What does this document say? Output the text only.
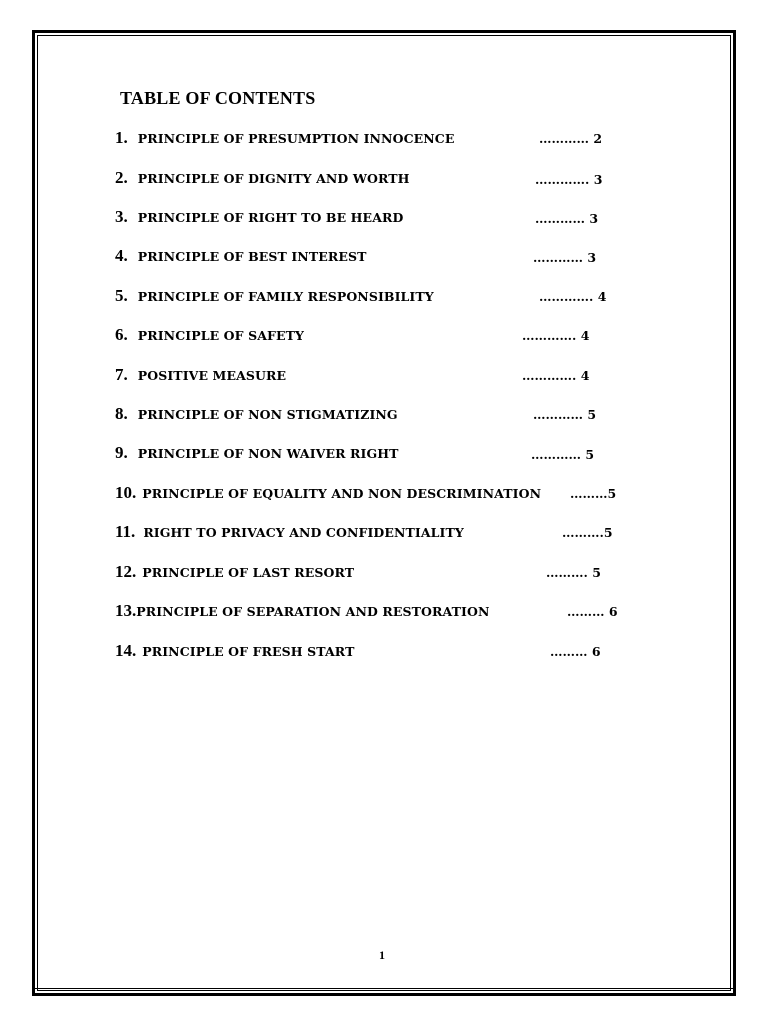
TABLE OF CONTENTS
1. PRINCIPLE OF PRESUMPTION INNOCENCE	………… 2
2. PRINCIPLE OF DIGNITY AND WORTH	…………. 3
3. PRINCIPLE OF RIGHT TO BE HEARD	………… 3
4. PRINCIPLE OF BEST INTEREST	………… 3
5. PRINCIPLE OF FAMILY RESPONSIBILITY	…………. 4
6. PRINCIPLE OF SAFETY	…………. 4
7. POSITIVE MEASURE	…………. 4
8. PRINCIPLE OF NON STIGMATIZING	………… 5
9. PRINCIPLE OF NON WAIVER RIGHT	………… 5
10. PRINCIPLE OF EQUALITY AND NON DESCRIMINATION ………5
11. RIGHT TO PRIVACY AND CONFIDENTIALITY	……….5
12. PRINCIPLE OF LAST RESORT	………. 5
13.PRINCIPLE OF SEPARATION AND RESTORATION	……… 6
14. PRINCIPLE OF FRESH START	……… 6
1
